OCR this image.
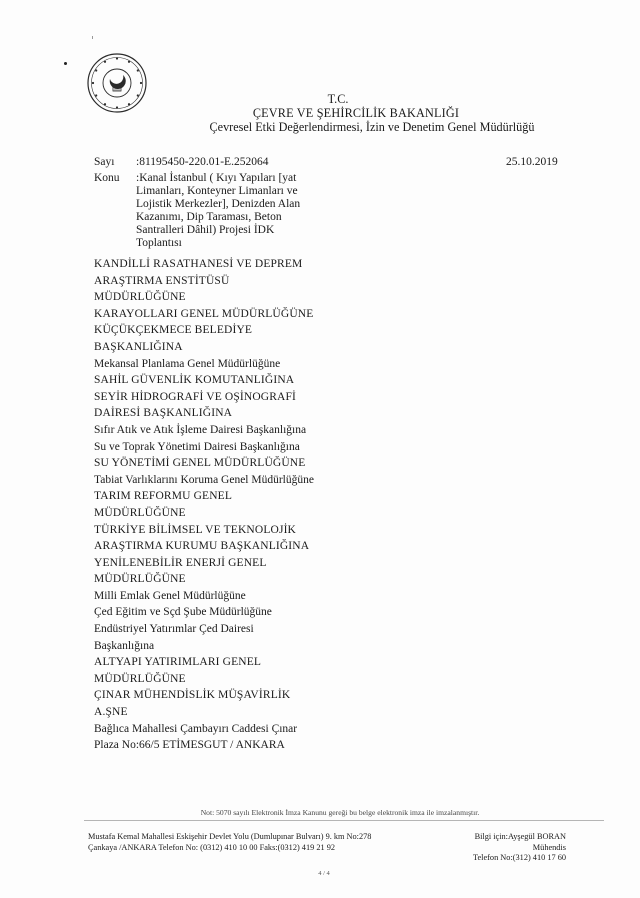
T.C.
ÇEVRE VE ŞEHİRCİLİK BAKANLIĞI
Çevresel Etki Değerlendirmesi, İzin ve Denetim Genel Müdürlüğü
Sayı :81195450-220.01-E.252064	25.10.2019
Konu :Kanal İstanbul ( Kıyı Yapıları [yat
Limanları, Konteyner Limanları ve
Lojistik Merkezler], Denizden Alan
Kazanımı, Dip Taraması, Beton
Santralleri Dâhil) Projesi İDK
Toplantısı
KANDİLLİ RASATHANESİ VE DEPREM
ARAŞTIRMA ENSTİTÜSÜ
MÜDÜRLÜĞÜNE
KARAYOLLARI GENEL MÜDÜRLÜĞÜNE
KÜÇÜKÇEKMECE BELEDİYE
BAŞKANLIĞINA
Mekansal Planlama Genel Müdürlüğüne
SAHİL GÜVENLİK KOMUTANLIĞINA
SEYİR HİDROGRAFİ VE OŞİNOGRAFİ
DAİRESİ BAŞKANLIĞINA
Sıfır Atık ve Atık İşleme Dairesi Başkanlığına
Su ve Toprak Yönetimi Dairesi Başkanlığına
SU YÖNETİMİ GENEL MÜDÜRLÜĞÜNE
Tabiat Varlıklarını Koruma Genel Müdürlüğüne
TARIM REFORMU GENEL
MÜDÜRLÜĞÜNE
TÜRKİYE BİLİMSEL VE TEKNOLOJİK
ARAŞTIRMA KURUMU BAŞKANLIĞINA
YENİLENEBİLİR ENERJİ GENEL
MÜDÜRLÜĞÜNE
Milli Emlak Genel Müdürlüğüne
Çed Eğitim ve Sçd Şube Müdürlüğüne
Endüstriyel Yatırımlar Çed Dairesi
Başkanlığına
ALTYAPI YATIRIMLARI GENEL
MÜDÜRLÜĞÜNE
ÇINAR MÜHENDİSLİK MÜŞAVİRLİK
A.ŞNE
Bağlıca Mahallesi Çambayırı Caddesi Çınar
Plaza No:66/5 ETİMESGUT / ANKARA
Not: 5070 sayılı Elektronik İmza Kanunu gereği bu belge elektronik imza ile imzalanmıştır.
Mustafa Kemal Mahallesi Eskişehir Devlet Yolu (Dumlupınar Bulvarı) 9. km No:278
Çankaya /ANKARA Telefon No: (0312) 410 10 00 Faks:(0312) 419 21 92
Bilgi için:Ayşegül BORAN
Mühendis
Telefon No:(312) 410 17 60
4 / 4
